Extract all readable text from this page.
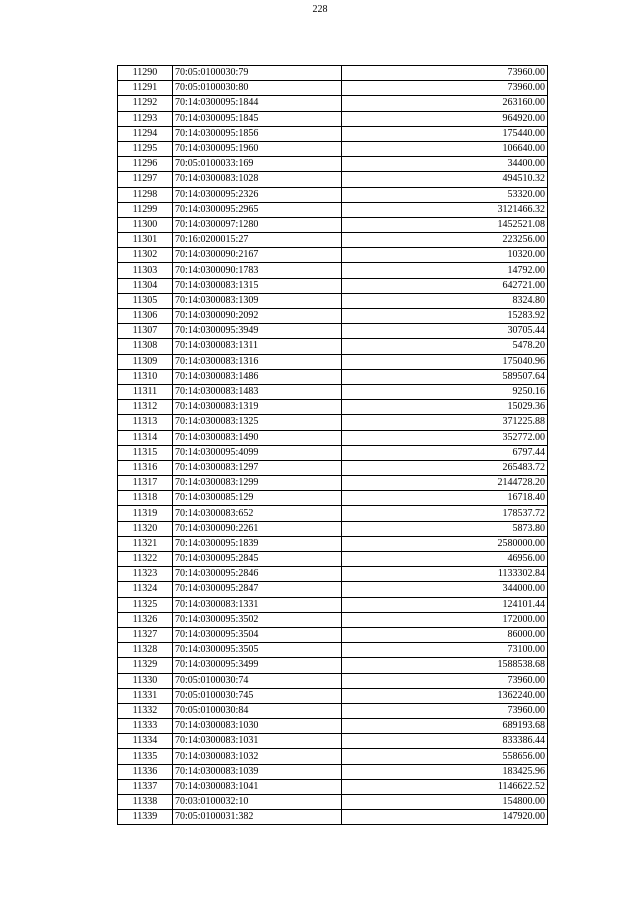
228
11290	70:05:0100030:79	73960.00
11291	70:05:0100030:80	73960.00
11292	70:14:0300095:1844	263160.00
11293	70:14:0300095:1845	964920.00
11294	70:14:0300095:1856	175440.00
11295	70:14:0300095:1960	106640.00
11296	70:05:0100033:169	34400.00
11297	70:14:0300083:1028	494510.32
11298	70:14:0300095:2326	53320.00
11299	70:14:0300095:2965	3121466.32
11300	70:14:0300097:1280	1452521.08
11301	70:16:0200015:27	223256.00
11302	70:14:0300090:2167	10320.00
11303	70:14:0300090:1783	14792.00
11304	70:14:0300083:1315	642721.00
11305	70:14:0300083:1309	8324.80
11306	70:14:0300090:2092	15283.92
11307	70:14:0300095:3949	30705.44
11308	70:14:0300083:1311	5478.20
11309	70:14:0300083:1316	175040.96
11310	70:14:0300083:1486	589507.64
11311	70:14:0300083:1483	9250.16
11312	70:14:0300083:1319	15029.36
11313	70:14:0300083:1325	371225.88
11314	70:14:0300083:1490	352772.00
11315	70:14:0300095:4099	6797.44
11316	70:14:0300083:1297	265483.72
11317	70:14:0300083:1299	2144728.20
11318	70:14:0300085:129	16718.40
11319	70:14:0300083:652	178537.72
11320	70:14:0300090:2261	5873.80
11321	70:14:0300095:1839	2580000.00
11322	70:14:0300095:2845	46956.00
11323	70:14:0300095:2846	1133302.84
11324	70:14:0300095:2847	344000.00
11325	70:14:0300083:1331	124101.44
11326	70:14:0300095:3502	172000.00
11327	70:14:0300095:3504	86000.00
11328	70:14:0300095:3505	73100.00
11329	70:14:0300095:3499	1588538.68
11330	70:05:0100030:74	73960.00
11331	70:05:0100030:745	1362240.00
11332	70:05:0100030:84	73960.00
11333	70:14:0300083:1030	689193.68
11334	70:14:0300083:1031	833386.44
11335	70:14:0300083:1032	558656.00
11336	70:14:0300083:1039	183425.96
11337	70:14:0300083:1041	1146622.52
11338	70:03:0100032:10	154800.00
11339	70:05:0100031:382	147920.00
